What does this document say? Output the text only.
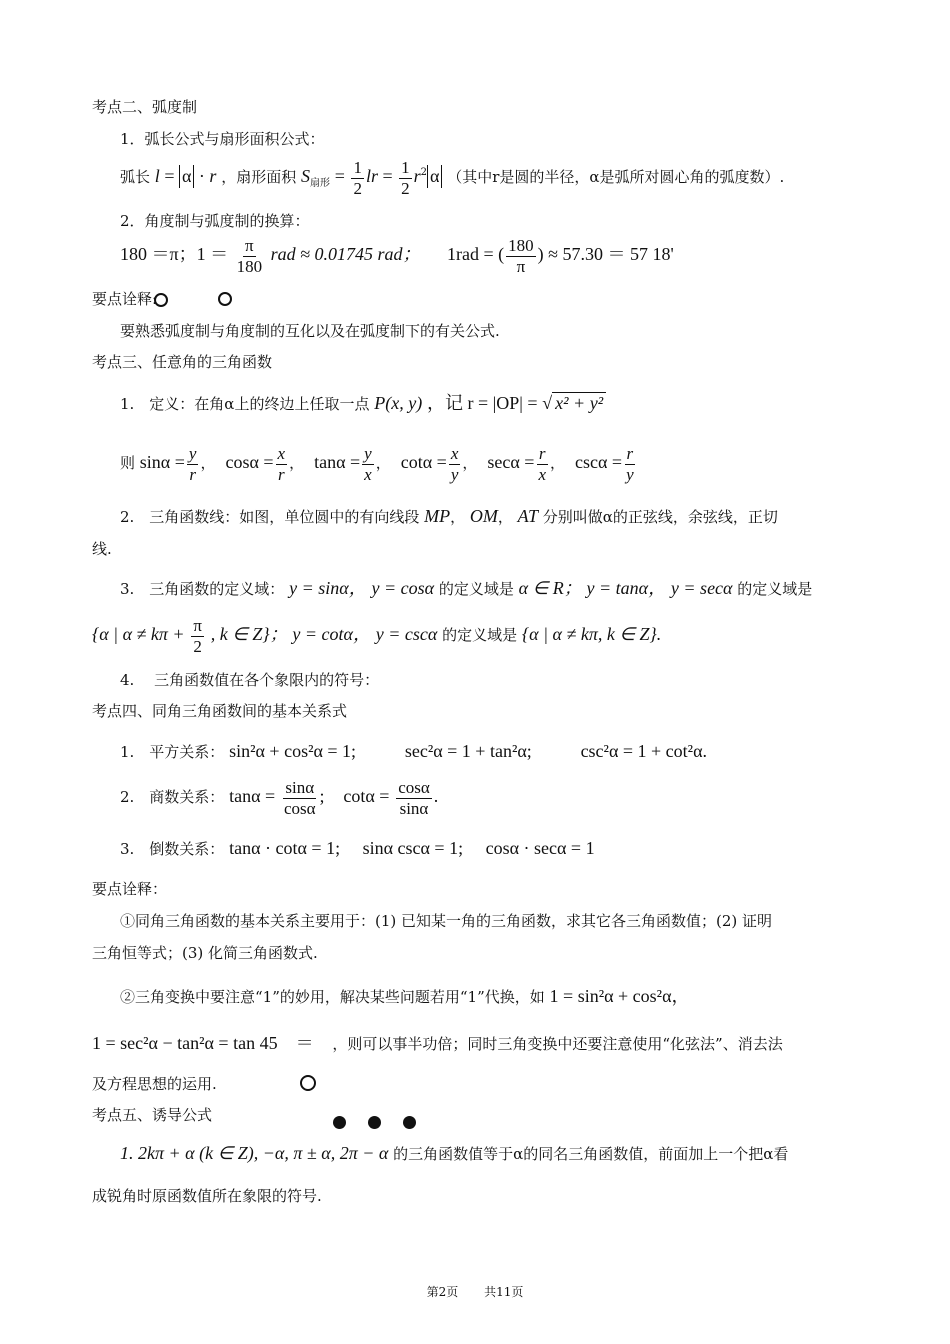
考点二、弧度制
1．弧长公式与扇形面积公式：
弧长 l = α · r ，扇形面积 $S_{扇形} = \frac{1}{2}$ lr = $\frac{1}{2} r^2$ α （其中r是圆的半径，α是弧所对圆心角的弧度数）.
2．角度制与弧度制的换算：
180 ＝π；$1 = \frac{\pi}{180}$ rad ≈ 0.01745 rad； 1rad = ( $\frac{180}{\pi}$ ) ≈ 57.30 ＝ 57 18'
要点诠释:
要熟悉弧度制与角度制的互化以及在弧度制下的有关公式.
考点三、任意角的三角函数
1.　定义：在角α上的终边上任取一点 P(x, y) ，记 r = |OP| = √ x² + y²
则 $\sin\alpha = \frac{y}{r}$ ， $\cos\alpha = \frac{x}{r}$ ， $\tan\alpha = \frac{y}{x}$ ， $\cot\alpha = \frac{x}{y}$ ， $\sec\alpha = \frac{r}{x}$ ， $\csc\alpha = \frac{r}{y}$
2.　三角函数线：如图，单位圆中的有向线段 MP， OM， AT 分别叫做α的正弦线，余弦线，正切
线.
3.　三角函数的定义域： y = sinα， y = cosα 的定义域是 α ∈ R； y = tanα， y = secα 的定义域是
{α | $\alpha \ne k\pi + \frac{\pi}{2}$ , k ∈ Z}； y = cotα， y = cscα 的定义域是 {α | α ≠ kπ, k ∈ Z}.
4.　 三角函数值在各个象限内的符号：
考点四、同角三角函数间的基本关系式
1.　平方关系： sin²α + cos²α = 1;	sec²α = 1 + tan²α;	csc²α = 1 + cot²α.
2.　商数关系： $\tan\alpha = \frac{\sin\alpha}{\cos\alpha}$ ; $\cot\alpha = \frac{\cos\alpha}{\sin\alpha}$ .
3.　倒数关系： tanα · cotα = 1;　 sinα cscα = 1;　 cosα · secα = 1
要点诠释：
①同角三角函数的基本关系主要用于：(1) 已知某一角的三角函数，求其它各三角函数值；(2) 证明
三角恒等式；(3) 化简三角函数式.
②三角变换中要注意“1”的妙用，解决某些问题若用“1”代换，如 1 = sin²α + cos²α，
1 = sec²α − tan²α = tan 45　＝ ，则可以事半功倍；同时三角变换中还要注意使用“化弦法”、消去法
及方程思想的运用.
考点五、诱导公式
1. 2kπ + α (k ∈ Z), −α, π ± α, 2π − α 的三角函数值等于α的同名三角函数值，前面加上一个把α看
成锐角时原函数值所在象限的符号.
第2页 共11页
